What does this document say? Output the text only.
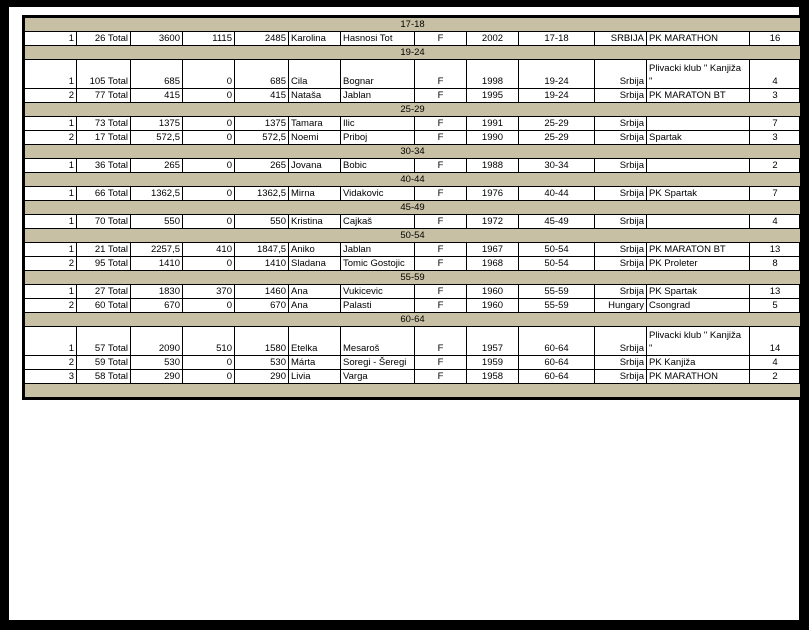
17-18												
1	26 Total	3600	1115	2485	Karolina	Hasnosi Tot	F	2002	17-18	SRBIJA	PK MARATHON	16
19-24												
1	105 Total	685	0	685	Cila	Bognar	F	1998	19-24	Srbija	Plivacki klub " Kanjiža "	4
2	77 Total	415	0	415	Nataša	Jablan	F	1995	19-24	Srbija	PK MARATON BT	3
25-29												
1	73 Total	1375	0	1375	Tamara	Ilic	F	1991	25-29	Srbija		7
2	17 Total	572,5	0	572,5	Noemi	Priboj	F	1990	25-29	Srbija	Spartak	3
30-34												
1	36 Total	265	0	265	Jovana	Bobic	F	1988	30-34	Srbija		2
40-44												
1	66 Total	1362,5	0	1362,5	Mirna	Vidakovic	F	1976	40-44	Srbija	PK Spartak	7
45-49												
1	70 Total	550	0	550	Kristina	Cajkaš	F	1972	45-49	Srbija		4
50-54												
1	21 Total	2257,5	410	1847,5	Aniko	Jablan	F	1967	50-54	Srbija	PK MARATON BT	13
2	95 Total	1410	0	1410	Sladana	Tomic Gostojic	F	1968	50-54	Srbija	PK Proleter	8
55-59												
1	27 Total	1830	370	1460	Ana	Vukicevic	F	1960	55-59	Srbija	PK Spartak	13
2	60 Total	670	0	670	Ana	Palasti	F	1960	55-59	Hungary	Csongrad	5
60-64												
1	57 Total	2090	510	1580	Etelka	Mesaroš	F	1957	60-64	Srbija	Plivacki klub " Kanjiža "	14
2	59 Total	530	0	530	Márta	Soregi - Šeregi	F	1959	60-64	Srbija	PK Kanjiža	4
3	58 Total	290	0	290	Livia	Varga	F	1958	60-64	Srbija	PK MARATHON	2
